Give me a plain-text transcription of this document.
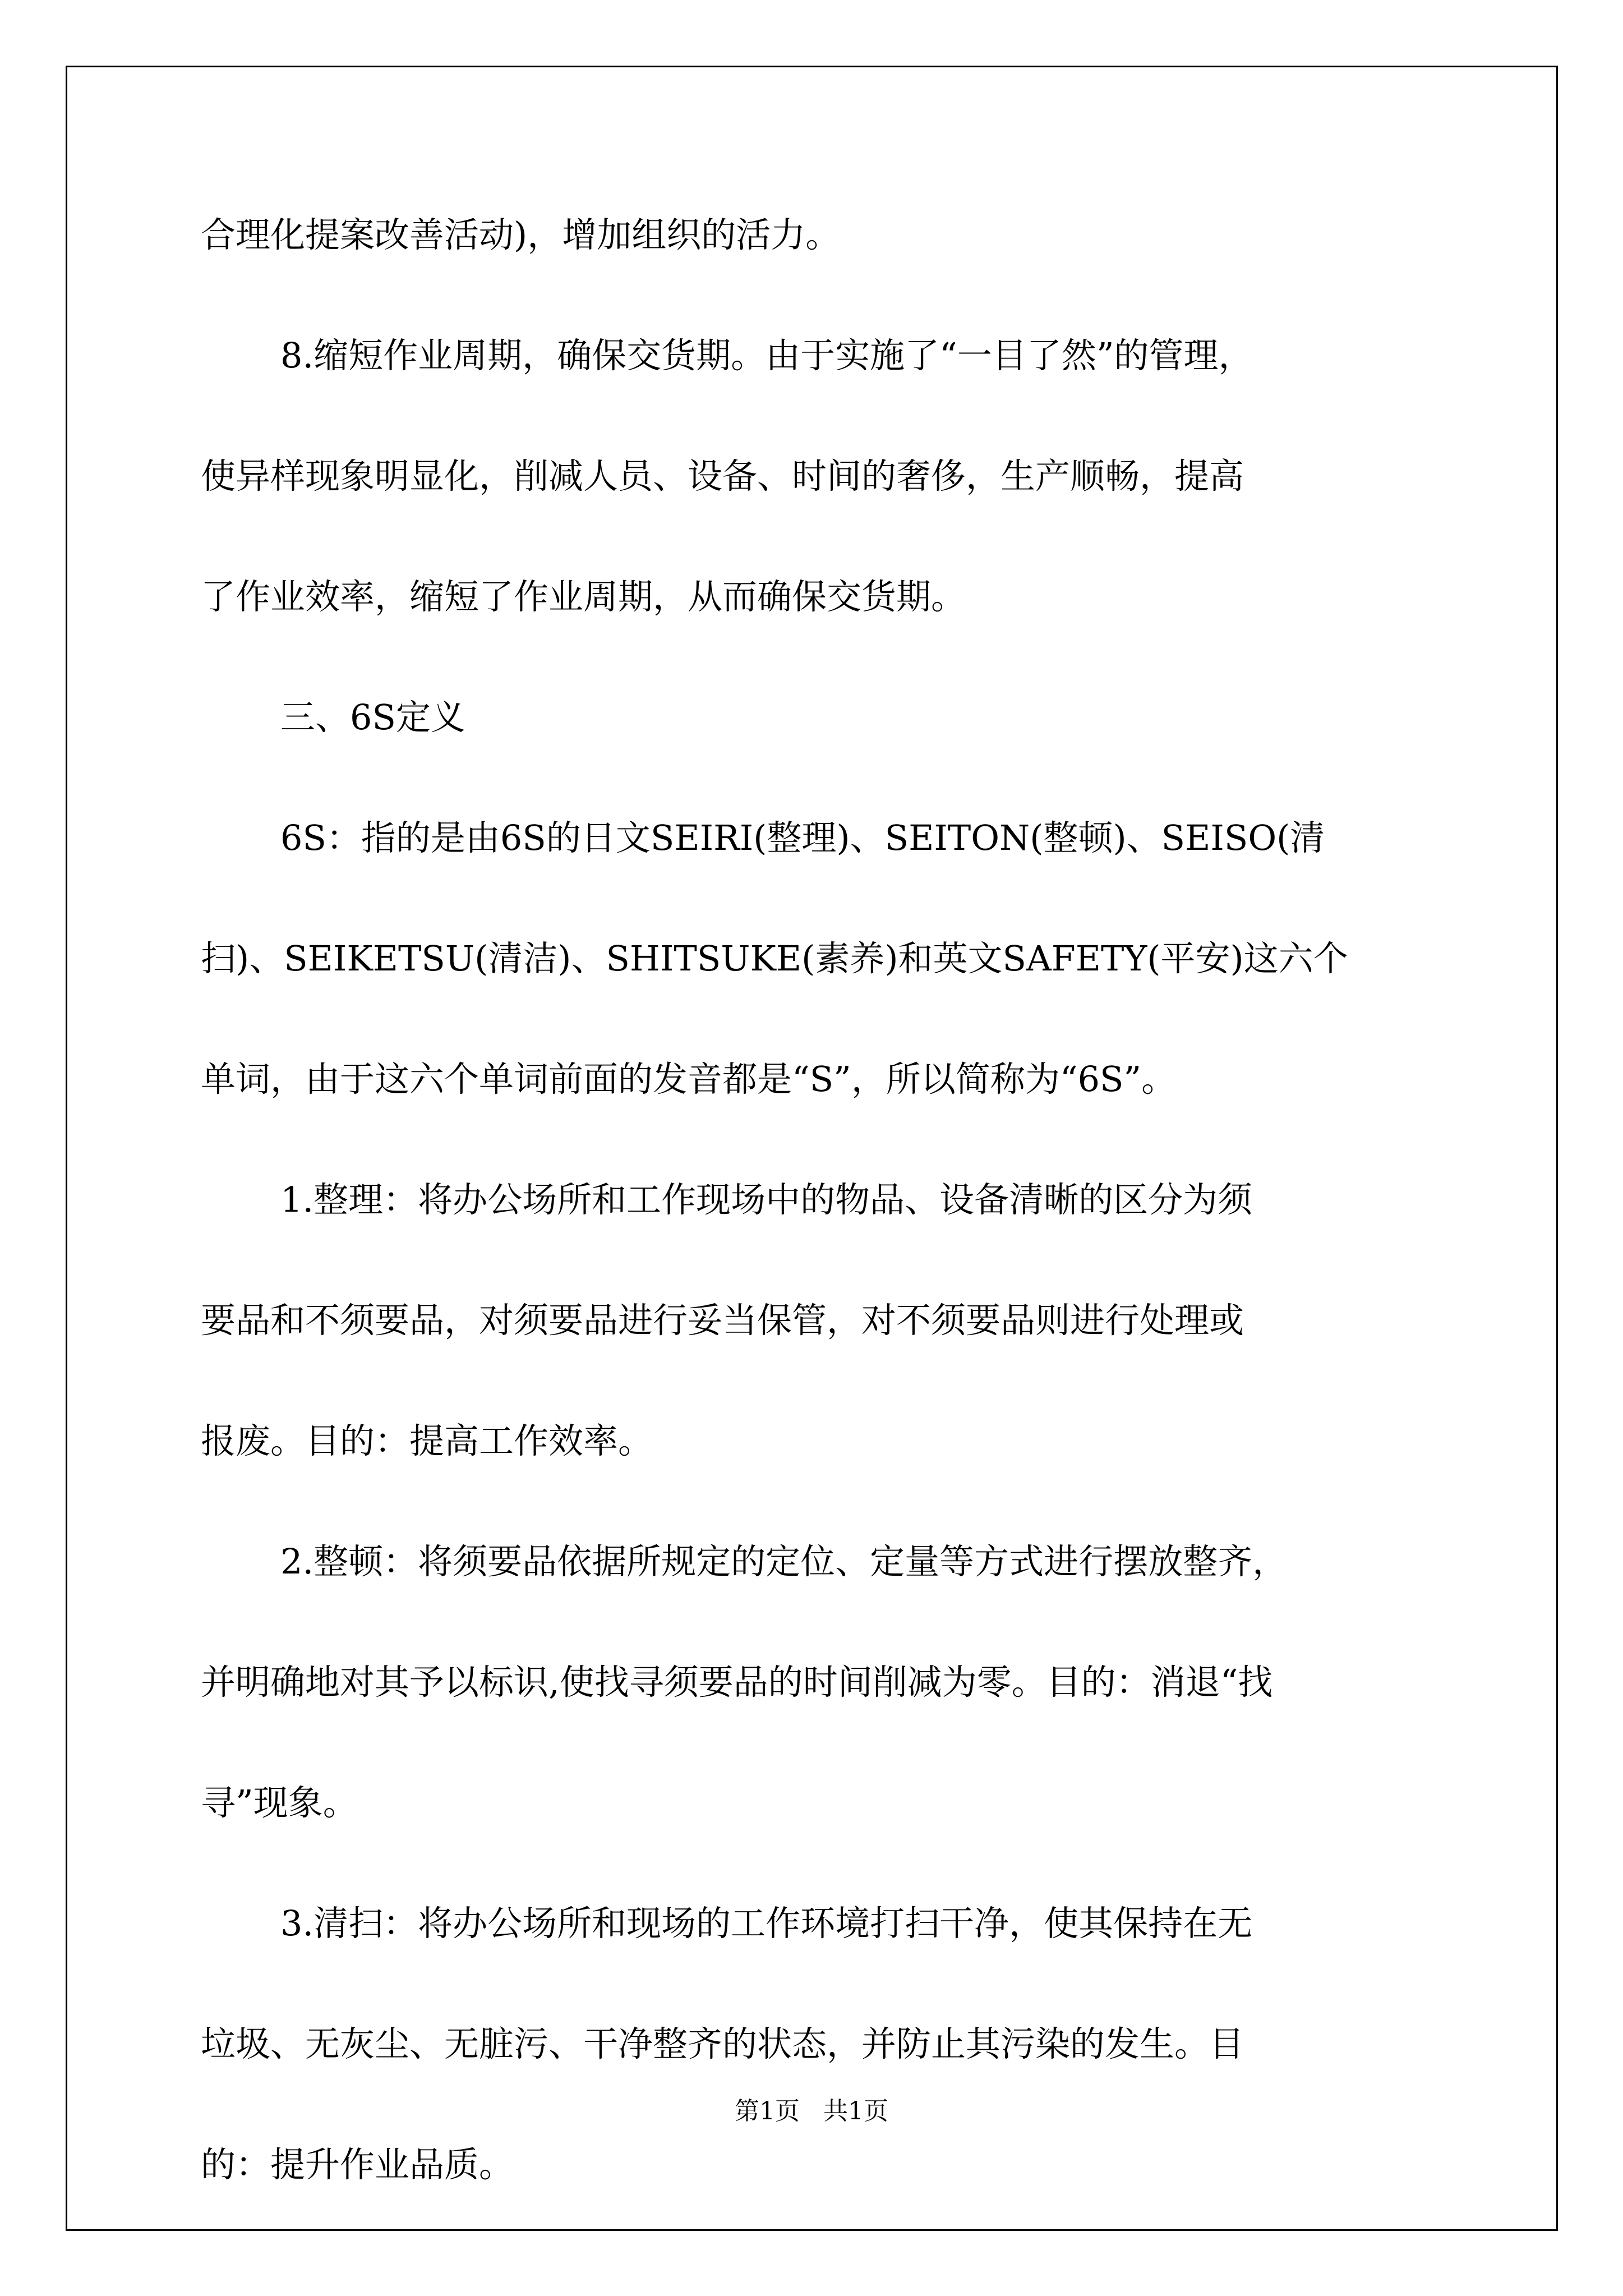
合理化提案改善活动)，增加组织的活力。
8.缩短作业周期，确保交货期。由于实施了“一目了然”的管理，
使异样现象明显化，削减人员、设备、时间的奢侈，生产顺畅，提高
了作业效率，缩短了作业周期，从而确保交货期。
三、6S定义
6S：指的是由6S的日文SEIRI(整理)、SEITON(整顿)、SEISO(清
扫)、SEIKETSU(清洁)、SHITSUKE(素养)和英文SAFETY(平安)这六个
单词，由于这六个单词前面的发音都是“S”，所以简称为“6S”。
1.整理：将办公场所和工作现场中的物品、设备清晰的区分为须
要品和不须要品，对须要品进行妥当保管，对不须要品则进行处理或
报废。目的：提高工作效率。
2.整顿：将须要品依据所规定的定位、定量等方式进行摆放整齐，
并明确地对其予以标识,使找寻须要品的时间削减为零。目的：消退“找
寻”现象。
3.清扫：将办公场所和现场的工作环境打扫干净，使其保持在无
垃圾、无灰尘、无脏污、干净整齐的状态，并防止其污染的发生。目
的：提升作业品质。
第1页   共1页
